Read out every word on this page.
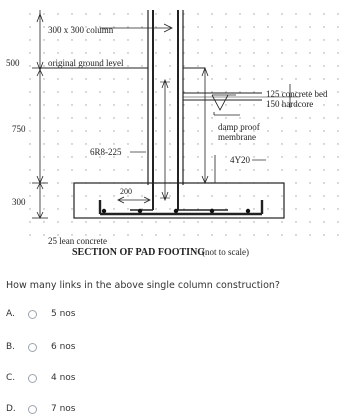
300 x 300 column
original ground level
500
750
300
125 concrete bed
150 hardcore
damp proof
membrane
4Y20
6R8-225
200
25 lean concrete
SECTION OF PAD FOOTING
(not to scale)
How many links in the above single column construction?
A.	5 nos
B.	6 nos
C.	4 nos
D.	7 nos
